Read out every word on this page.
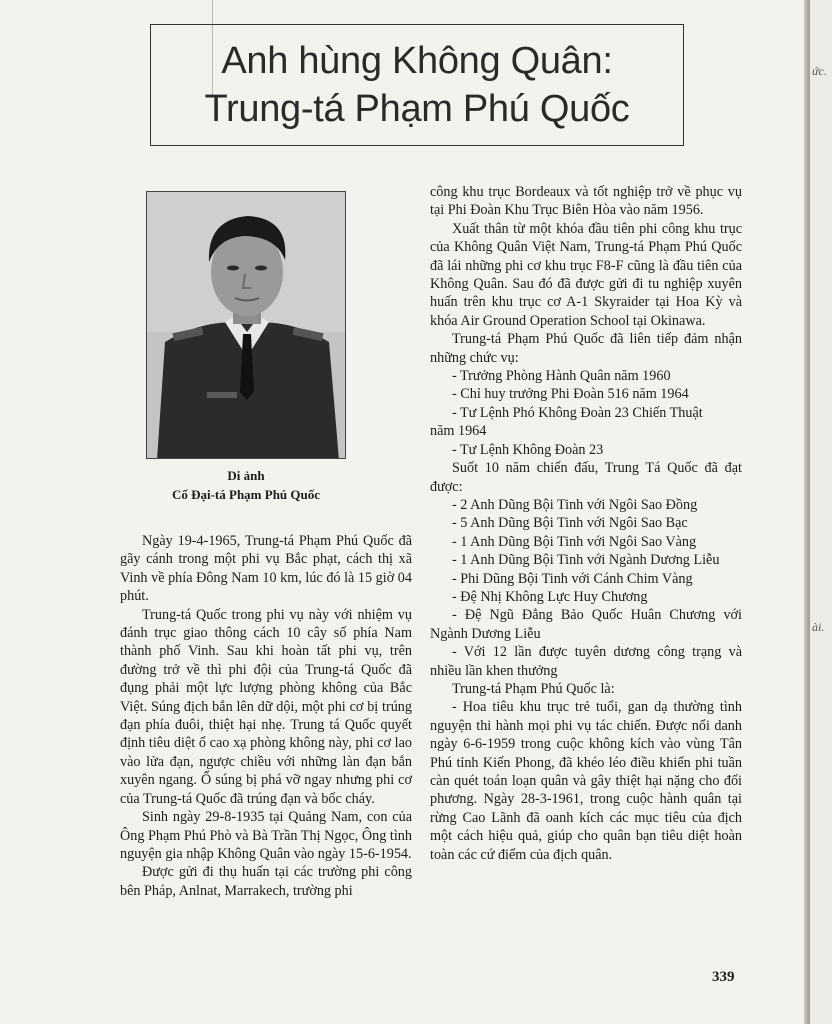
Anh hùng Không Quân:
Trung-tá Phạm Phú Quốc
Di ảnh
Cố Đại-tá Phạm Phú Quốc

Ngày 19-4-1965, Trung-tá Phạm Phú Quốc đã gãy cánh trong một phi vụ Bắc phạt, cách thị xã Vinh về phía Đông Nam 10 km, lúc đó là 15 giờ 04 phút.

Trung-tá Quốc trong phi vụ này với nhiệm vụ đánh trục giao thông cách 10 cây số phía Nam thành phố Vinh. Sau khi hoàn tất phi vụ, trên đường trở về thì phi đội của Trung-tá Quốc đã đụng phải một lực lượng phòng không của Bắc Việt. Súng địch bắn lên dữ dội, một phi cơ bị trúng đạn phía đuôi, thiệt hại nhẹ. Trung tá Quốc quyết định tiêu diệt ổ cao xạ phòng không này, phi cơ lao vào lửa đạn, ngược chiều với những làn đạn bắn xuyên ngang. Ổ súng bị phá vỡ ngay nhưng phi cơ của Trung-tá Quốc đã trúng đạn và bốc cháy.

Sinh ngày 29-8-1935 tại Quảng Nam, con của Ông Phạm Phú Phò và Bà Trần Thị Ngọc, Ông tình nguyện gia nhập Không Quân vào ngày 15-6-1954.

Được gửi đi thụ huấn tại các trường phi công bên Pháp, Anlnat, Marrakech, trường phi

công khu trục Bordeaux và tốt nghiệp trở về phục vụ tại Phi Đoàn Khu Trục Biên Hòa vào năm 1956.

Xuất thân từ một khóa đầu tiên phi công khu trục của Không Quân Việt Nam, Trung-tá Phạm Phú Quốc đã lái những phi cơ khu trục F8-F cũng là đầu tiên của Không Quân. Sau đó đã được gửi đi tu nghiệp xuyên huấn trên khu trục cơ A-1 Skyraider tại Hoa Kỳ và khóa Air Ground Operation School tại Okinawa.

Trung-tá Phạm Phú Quốc đã liên tiếp đảm nhận những chức vụ:

- Trưởng Phòng Hành Quân năm 1960

- Chỉ huy trưởng Phi Đoàn 516 năm 1964

- Tư Lệnh Phó Không Đoàn 23 Chiến Thuật

năm 1964

- Tư Lệnh Không Đoàn 23

Suốt 10 năm chiến đấu, Trung Tá Quốc đã đạt được:

- 2 Anh Dũng Bội Tinh với Ngôi Sao Đồng

- 5 Anh Dũng Bội Tinh với Ngôi Sao Bạc

- 1 Anh Dũng Bội Tinh với Ngôi Sao Vàng

- 1 Anh Dũng Bội Tinh với Ngành Dương Liễu

- Phi Dũng Bội Tinh với Cánh Chim Vàng

- Đệ Nhị Không Lực Huy Chương

- Đệ Ngũ Đẳng Bảo Quốc Huân Chương với Ngành Dương Liễu

- Với 12 lần được tuyên dương công trạng và nhiều lần khen thưởng

Trung-tá Phạm Phú Quốc là:

- Hoa tiêu khu trục trẻ tuổi, gan dạ thường tình nguyện thi hành mọi phi vụ tác chiến. Được nổi danh ngày 6-6-1959 trong cuộc không kích vào vùng Tân Phú tỉnh Kiến Phong, đã khéo léo điều khiển phi tuần càn quét toán loạn quân và gây thiệt hại nặng cho đối phương. Ngày 28-3-1961, trong cuộc hành quân tại rừng Cao Lãnh đã oanh kích các mục tiêu của địch một cách hiệu quả, giúp cho quân bạn tiêu diệt hoàn toàn các cứ điểm của địch quân.

339
ức.
ài.
